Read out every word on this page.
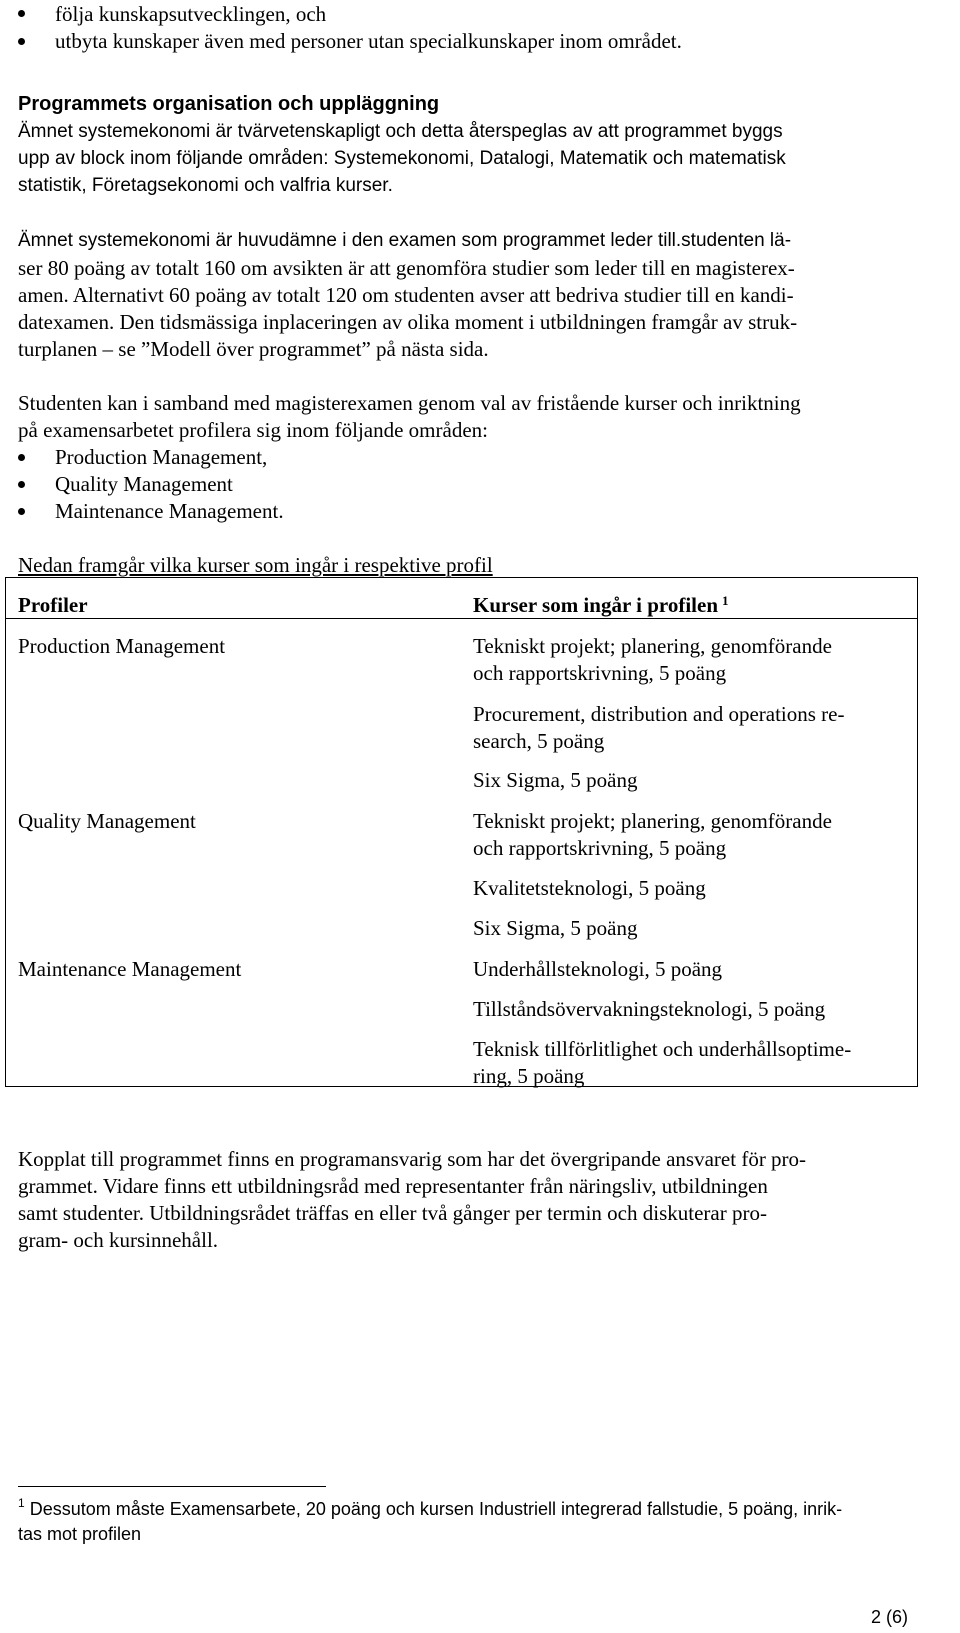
följa kunskapsutvecklingen, och
utbyta kunskaper även med personer utan specialkunskaper inom området.
Programmets organisation och uppläggning
Ämnet systemekonomi är tvärvetenskapligt och detta återspeglas av att programmet byggs
upp av block inom följande områden: Systemekonomi, Datalogi, Matematik och matematisk
statistik, Företagsekonomi och valfria kurser.
Ämnet systemekonomi är huvudämne i den examen som programmet leder till.studenten lä-
ser 80 poäng av totalt 160 om avsikten är att genomföra studier som leder till en magisterex-
amen. Alternativt 60 poäng av totalt 120 om studenten avser att bedriva studier till en kandi-
datexamen. Den tidsmässiga inplaceringen av olika moment i utbildningen framgår av struk-
turplanen – se ”Modell över programmet” på nästa sida.
Studenten kan i samband med magisterexamen genom val av fristående kurser och inriktning
på examensarbetet profilera sig inom följande områden:
Production Management,
Quality Management
Maintenance Management.
Nedan framgår vilka kurser som ingår i respektive profil
Profiler	Kurser som ingår i profilen $^1$
Production Management	Tekniskt projekt; planering, genomförande
och rapportskrivning, 5 poäng
Procurement, distribution and operations re-
search, 5 poäng
Six Sigma, 5 poäng
Quality Management	Tekniskt projekt; planering, genomförande
och rapportskrivning, 5 poäng
Kvalitetsteknologi, 5 poäng
Six Sigma, 5 poäng
Maintenance Management	Underhållsteknologi, 5 poäng
Tillståndsövervakningsteknologi, 5 poäng
Teknisk tillförlitlighet och underhållsoptime-
ring, 5 poäng
Kopplat till programmet finns en programansvarig som har det övergripande ansvaret för pro-
grammet. Vidare finns ett utbildningsråd med representanter från näringsliv, utbildningen
samt studenter. Utbildningsrådet träffas en eller två gånger per termin och diskuterar pro-
gram- och kursinnehåll.
$^1$ Dessutom måste Examensarbete, 20 poäng och kursen Industriell integrerad fallstudie, 5 poäng, inrik-
tas mot profilen
2 (6)
